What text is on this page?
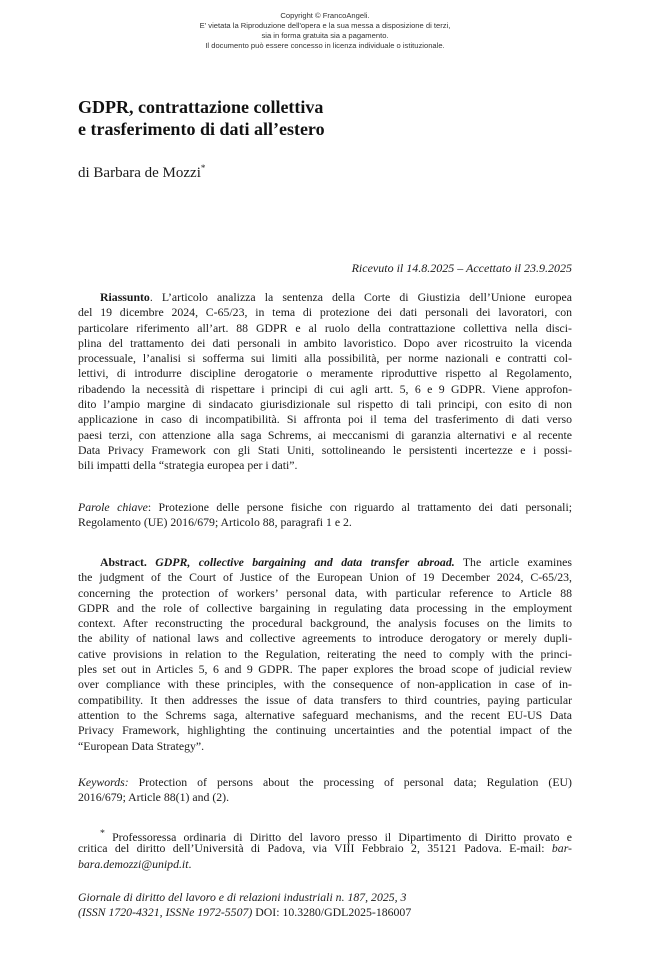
Copyright © FrancoAngeli.
E' vietata la Riproduzione dell'opera e la sua messa a disposizione di terzi,
sia in forma gratuita sia a pagamento.
Il documento può essere concesso in licenza individuale o istituzionale.
GDPR, contrattazione collettiva
e trasferimento di dati all’estero
di Barbara de Mozzi*
Ricevuto il 14.8.2025 – Accettato il 23.9.2025
Riassunto. L’articolo analizza la sentenza della Corte di Giustizia dell’Unione europea
del 19 dicembre 2024, C-65/23, in tema di protezione dei dati personali dei lavoratori, con
particolare riferimento all’art. 88 GDPR e al ruolo della contrattazione collettiva nella disci-
plina del trattamento dei dati personali in ambito lavoristico. Dopo aver ricostruito la vicenda
processuale, l’analisi si sofferma sui limiti alla possibilità, per norme nazionali e contratti col-
lettivi, di introdurre discipline derogatorie o meramente riproduttive rispetto al Regolamento,
ribadendo la necessità di rispettare i principi di cui agli artt. 5, 6 e 9 GDPR. Viene approfon-
dito l’ampio margine di sindacato giurisdizionale sul rispetto di tali principi, con esito di non
applicazione in caso di incompatibilità. Si affronta poi il tema del trasferimento di dati verso
paesi terzi, con attenzione alla saga Schrems, ai meccanismi di garanzia alternativi e al recente
Data Privacy Framework con gli Stati Uniti, sottolineando le persistenti incertezze e i possi-
bili impatti della “strategia europea per i dati”.
Parole chiave: Protezione delle persone fisiche con riguardo al trattamento dei dati personali;
Regolamento (UE) 2016/679; Articolo 88, paragrafi 1 e 2.
Abstract. GDPR, collective bargaining and data transfer abroad. The article examines
the judgment of the Court of Justice of the European Union of 19 December 2024, C-65/23,
concerning the protection of workers’ personal data, with particular reference to Article 88
GDPR and the role of collective bargaining in regulating data processing in the employment
context. After reconstructing the procedural background, the analysis focuses on the limits to
the ability of national laws and collective agreements to introduce derogatory or merely dupli-
cative provisions in relation to the Regulation, reiterating the need to comply with the princi-
ples set out in Articles 5, 6 and 9 GDPR. The paper explores the broad scope of judicial review
over compliance with these principles, with the consequence of non-application in case of in-
compatibility. It then addresses the issue of data transfers to third countries, paying particular
attention to the Schrems saga, alternative safeguard mechanisms, and the recent EU-US Data
Privacy Framework, highlighting the continuing uncertainties and the potential impact of the
“European Data Strategy”.
Keywords: Protection of persons about the processing of personal data; Regulation (EU)
2016/679; Article 88(1) and (2).
* Professoressa ordinaria di Diritto del lavoro presso il Dipartimento di Diritto provato e
critica del diritto dell’Università di Padova, via VIII Febbraio 2, 35121 Padova. E-mail: bar-
bara.demozzi@unipd.it.
Giornale di diritto del lavoro e di relazioni industriali n. 187, 2025, 3
(ISSN 1720-4321, ISSNe 1972-5507) DOI: 10.3280/GDL2025-186007
